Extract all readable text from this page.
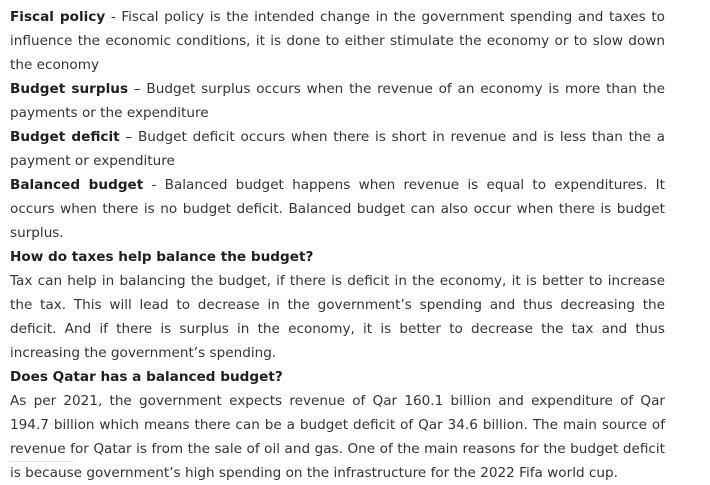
Fiscal policy - Fiscal policy is the intended change in the government spending and taxes to influence the economic conditions, it is done to either stimulate the economy or to slow down the economy

Budget surplus – Budget surplus occurs when the revenue of an economy is more than the payments or the expenditure

Budget deficit – Budget deficit occurs when there is short in revenue and is less than the a payment or expenditure

Balanced budget - Balanced budget happens when revenue is equal to expenditures. It occurs when there is no budget deficit. Balanced budget can also occur when there is budget surplus.

How do taxes help balance the budget?

Tax can help in balancing the budget, if there is deficit in the economy, it is better to increase the tax. This will lead to decrease in the government’s spending and thus decreasing the deficit. And if there is surplus in the economy, it is better to decrease the tax and thus increasing the government’s spending.

Does Qatar has a balanced budget?

As per 2021, the government expects revenue of Qar 160.1 billion and expenditure of Qar 194.7 billion which means there can be a budget deficit of Qar 34.6 billion. The main source of revenue for Qatar is from the sale of oil and gas. One of the main reasons for the budget deficit is because government’s high spending on the infrastructure for the 2022 Fifa world cup.
